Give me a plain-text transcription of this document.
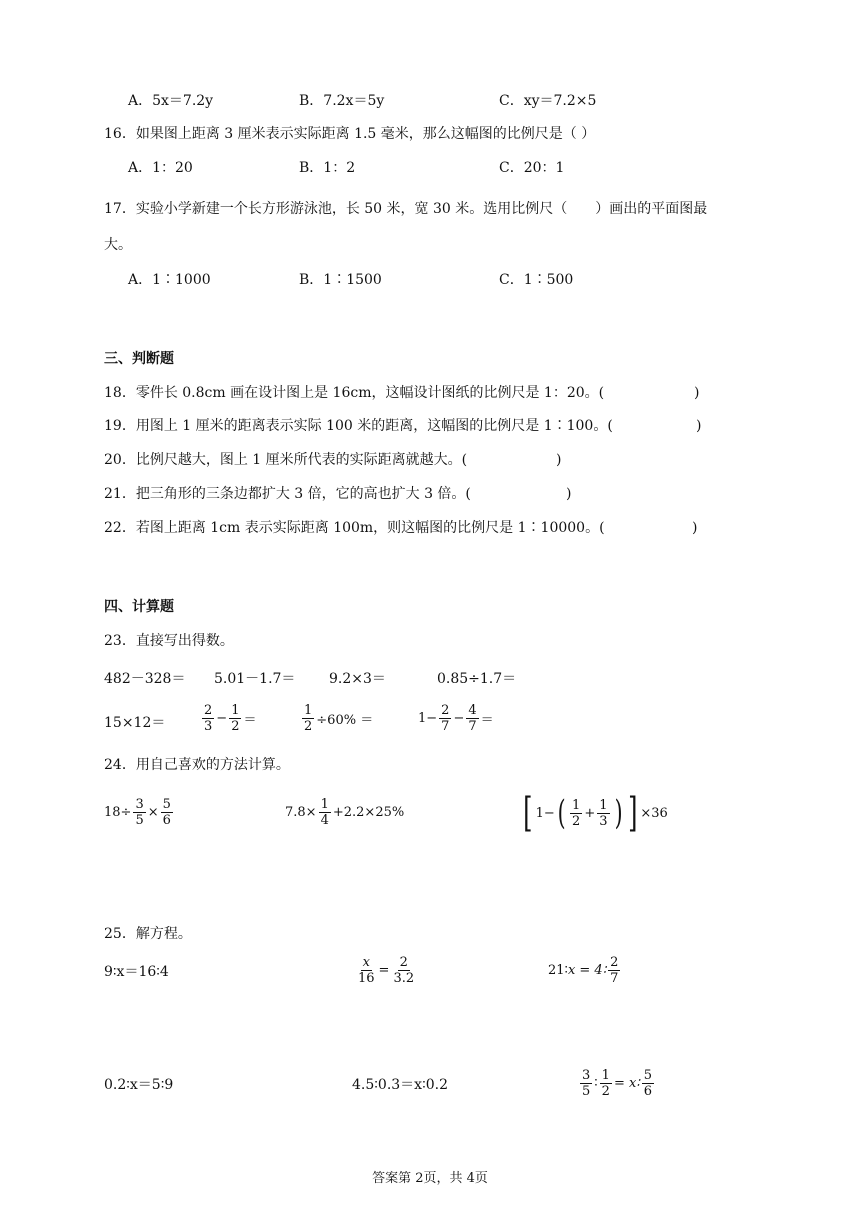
A．5x＝7.2y	B．7.2x＝5y	C．xy＝7.2×5
16．如果图上距离 3 厘米表示实际距离 1.5 毫米，那么这幅图的比例尺是（ ）
A．1：20	B．1：2	C．20：1
17．实验小学新建一个长方形游泳池，长 50 米，宽 30 米。选用比例尺（　　）画出的平面图最
大。
A．1∶1000	B．1∶1500	C．1∶500
三、判断题
18．零件长 0.8cm 画在设计图上是 16cm，这幅设计图纸的比例尺是 1：20。(	)
19．用图上 1 厘米的距离表示实际 100 米的距离，这幅图的比例尺是 1∶100。(	)
20．比例尺越大，图上 1 厘米所代表的实际距离就越大。(	)
21．把三角形的三条边都扩大 3 倍，它的高也扩大 3 倍。(	)
22．若图上距离 1cm 表示实际距离 100m，则这幅图的比例尺是 1∶10000。(	)
四、计算题
23．直接写出得数。
482－328＝ 5.01－1.7＝ 9.2×3＝	0.85÷1.7＝
15×12＝	$\frac{2}{3} - \frac{1}{2}$ ＝	$\frac{1}{2} \div 60\%$ ＝	$1- \frac{2}{7} - \frac{4}{7}$ ＝
24．用自己喜欢的方法计算。
$18\div \frac{3}{5} \times \frac{5}{6}$	$7.8\times \frac{1}{4} +2.2\times 25\%$	[ 1− ( $\frac{1}{2} + \frac{1}{3}$ ) ] ×36
25．解方程。
9∶x＝16∶4	$\frac{x}{16} = \frac{2}{3.2}$	21∶ x = 4∶ $\frac{2}{7}$
0.2∶x＝5∶9	4.5∶0.3＝x∶0.2	$\frac{3}{5}$ ∶ $\frac{1}{2}$ = x∶ $\frac{5}{6}$
答案第 2页，共 4页
